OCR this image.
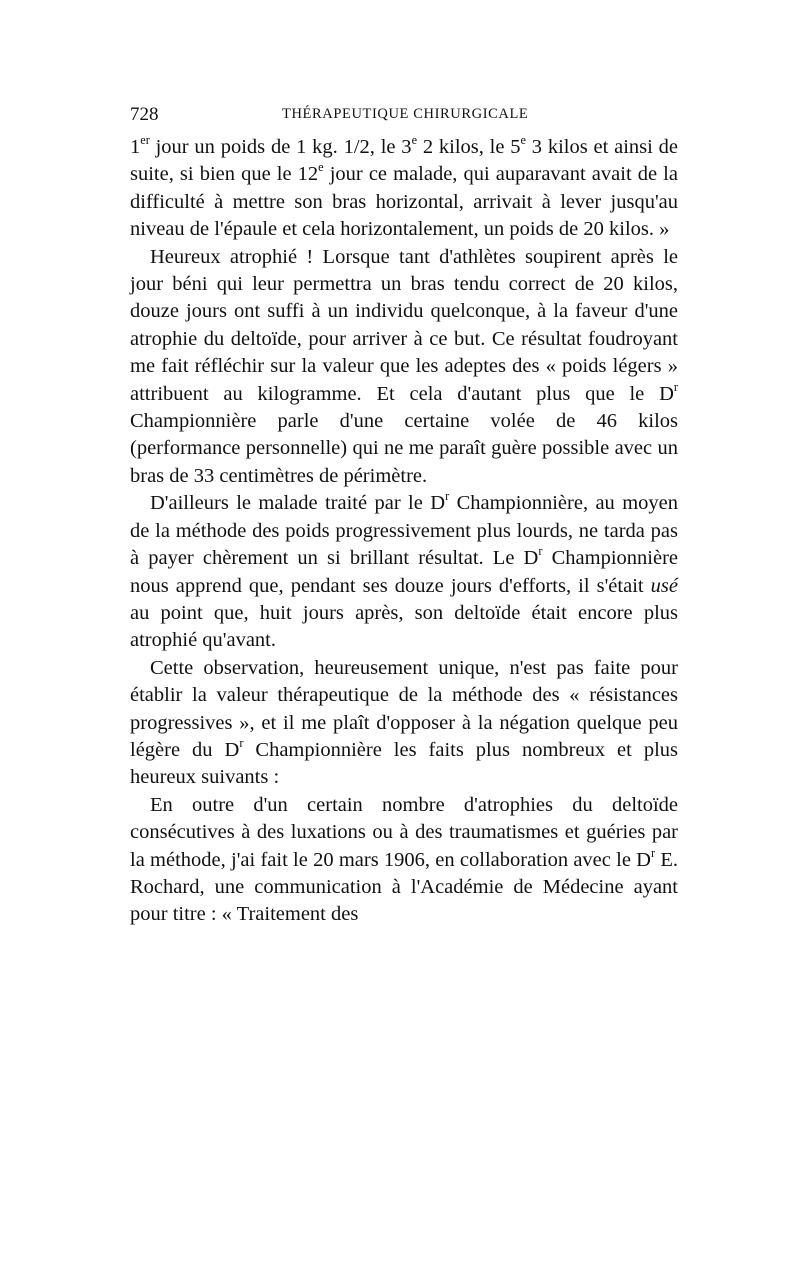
728	THÉRAPEUTIQUE CHIRURGICALE

1er jour un poids de 1 kg. 1/2, le 3e 2 kilos, le 5e 3 kilos et ainsi de suite, si bien que le 12e jour ce malade, qui auparavant avait de la difficulté à mettre son bras horizontal, arrivait à lever jusqu'au niveau de l'épaule et cela horizontalement, un poids de 20 kilos. »

Heureux atrophié ! Lorsque tant d'athlètes soupirent après le jour béni qui leur permettra un bras tendu correct de 20 kilos, douze jours ont suffi à un individu quelconque, à la faveur d'une atrophie du deltoïde, pour arriver à ce but. Ce résultat foudroyant me fait réfléchir sur la valeur que les adeptes des « poids légers » attribuent au kilogramme. Et cela d'autant plus que le $D^r$ Championnière parle d'une certaine volée de 46 kilos (performance personnelle) qui ne me paraît guère possible avec un bras de 33 centimètres de périmètre.

D'ailleurs le malade traité par le $D^r$ Championnière, au moyen de la méthode des poids progressivement plus lourds, ne tarda pas à payer chèrement un si brillant résultat. Le $D^r$ Championnière nous apprend que, pendant ses douze jours d'efforts, il s'était usé au point que, huit jours après, son deltoïde était encore plus atrophié qu'avant.

Cette observation, heureusement unique, n'est pas faite pour établir la valeur thérapeutique de la méthode des « résistances progressives », et il me plaît d'opposer à la négation quelque peu légère du $D^r$ Championnière les faits plus nombreux et plus heureux suivants :

En outre d'un certain nombre d'atrophies du deltoïde consécutives à des luxations ou à des traumatismes et guéries par la méthode, j'ai fait le 20 mars 1906, en collaboration avec le $D^r$ E. Rochard, une communication à l'Académie de Médecine ayant pour titre : « Traitement des
